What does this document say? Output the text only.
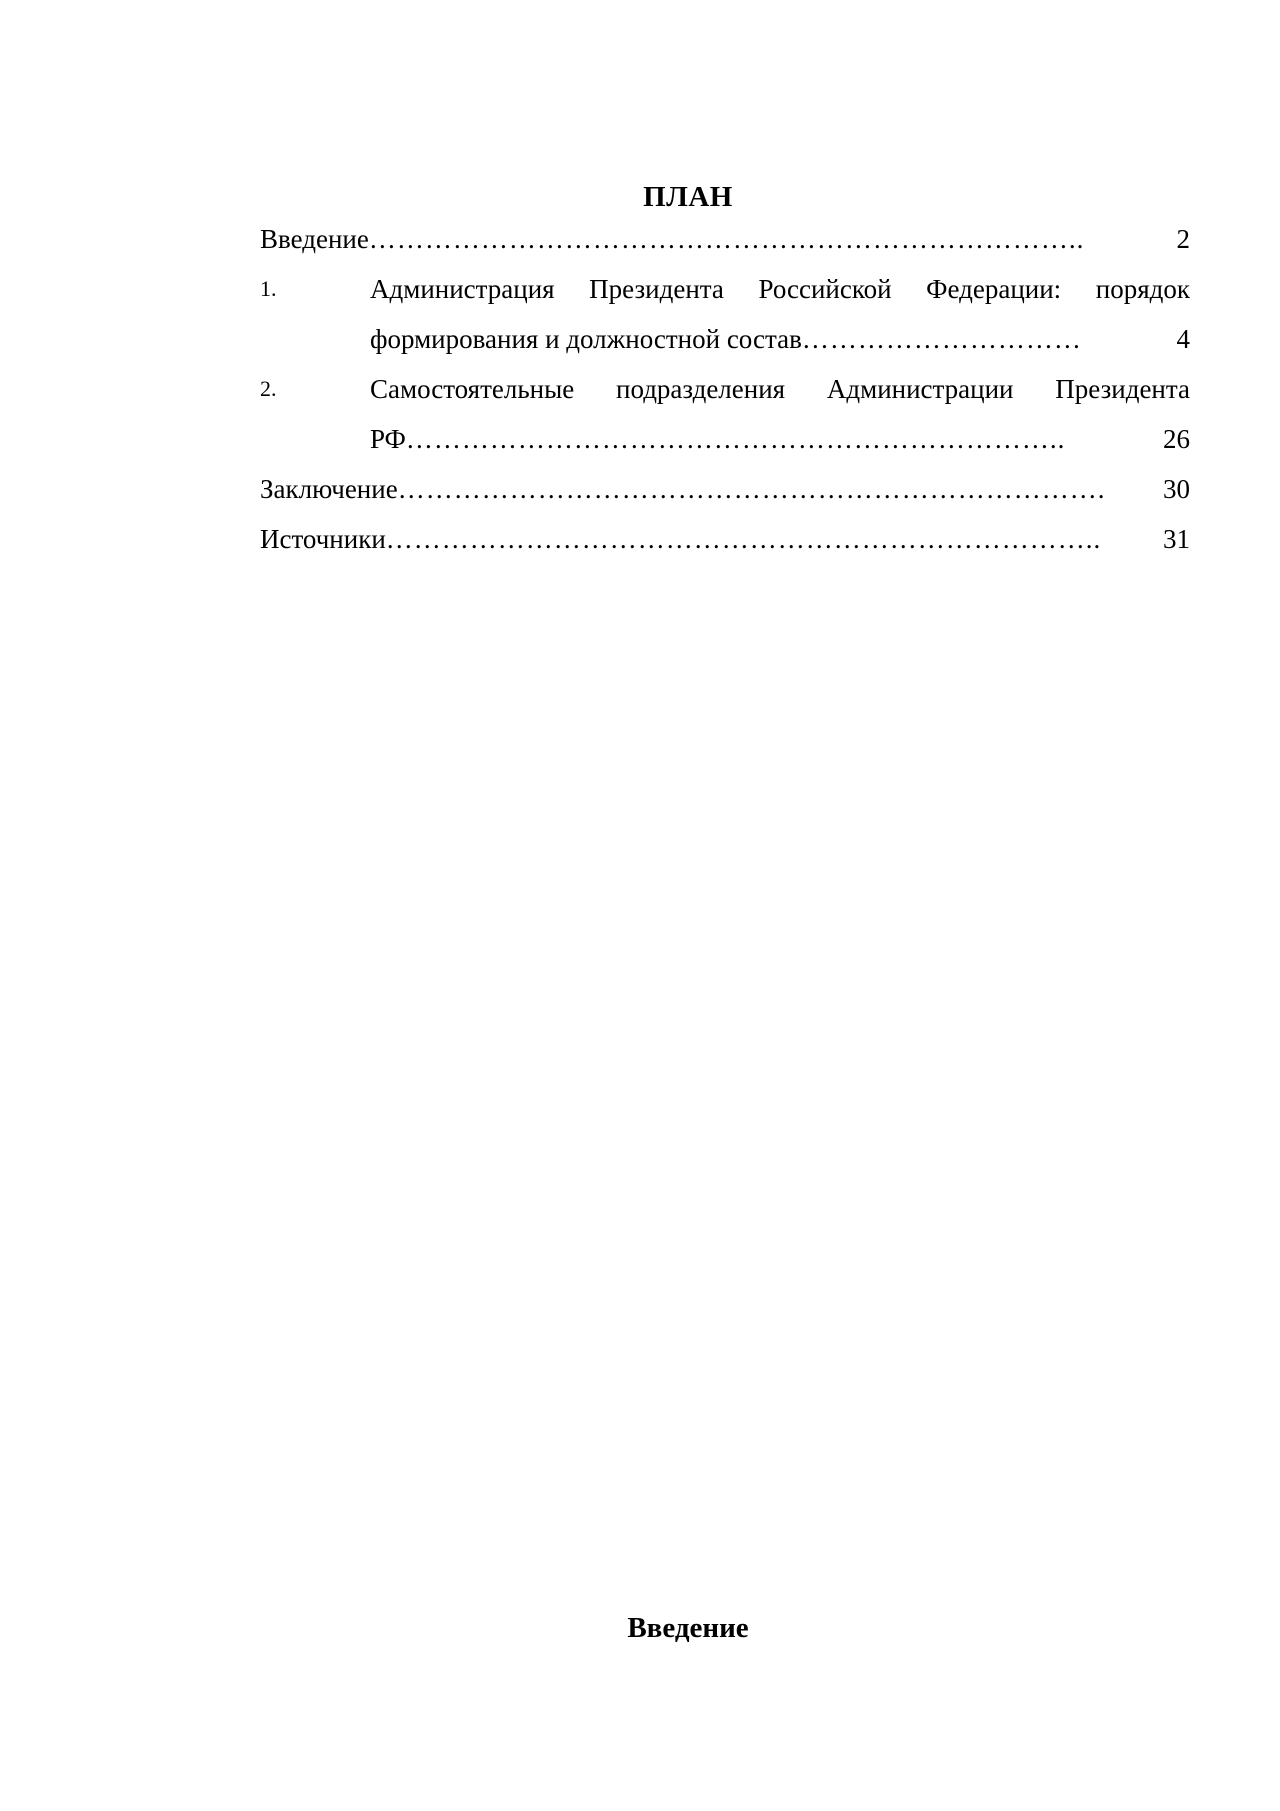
ПЛАН
Введение …………………………………………………………………..	2
1.	Администрация Президента Российской Федерации: порядок
формирования и должностной состав …………………………	4
2.	Самостоятельные подразделения Администрации Президента
РФ ……………………………………………………………..	26
Заключение ………………………………………………………………….	30
Источники …………………………………………………………………..	31
Введение
